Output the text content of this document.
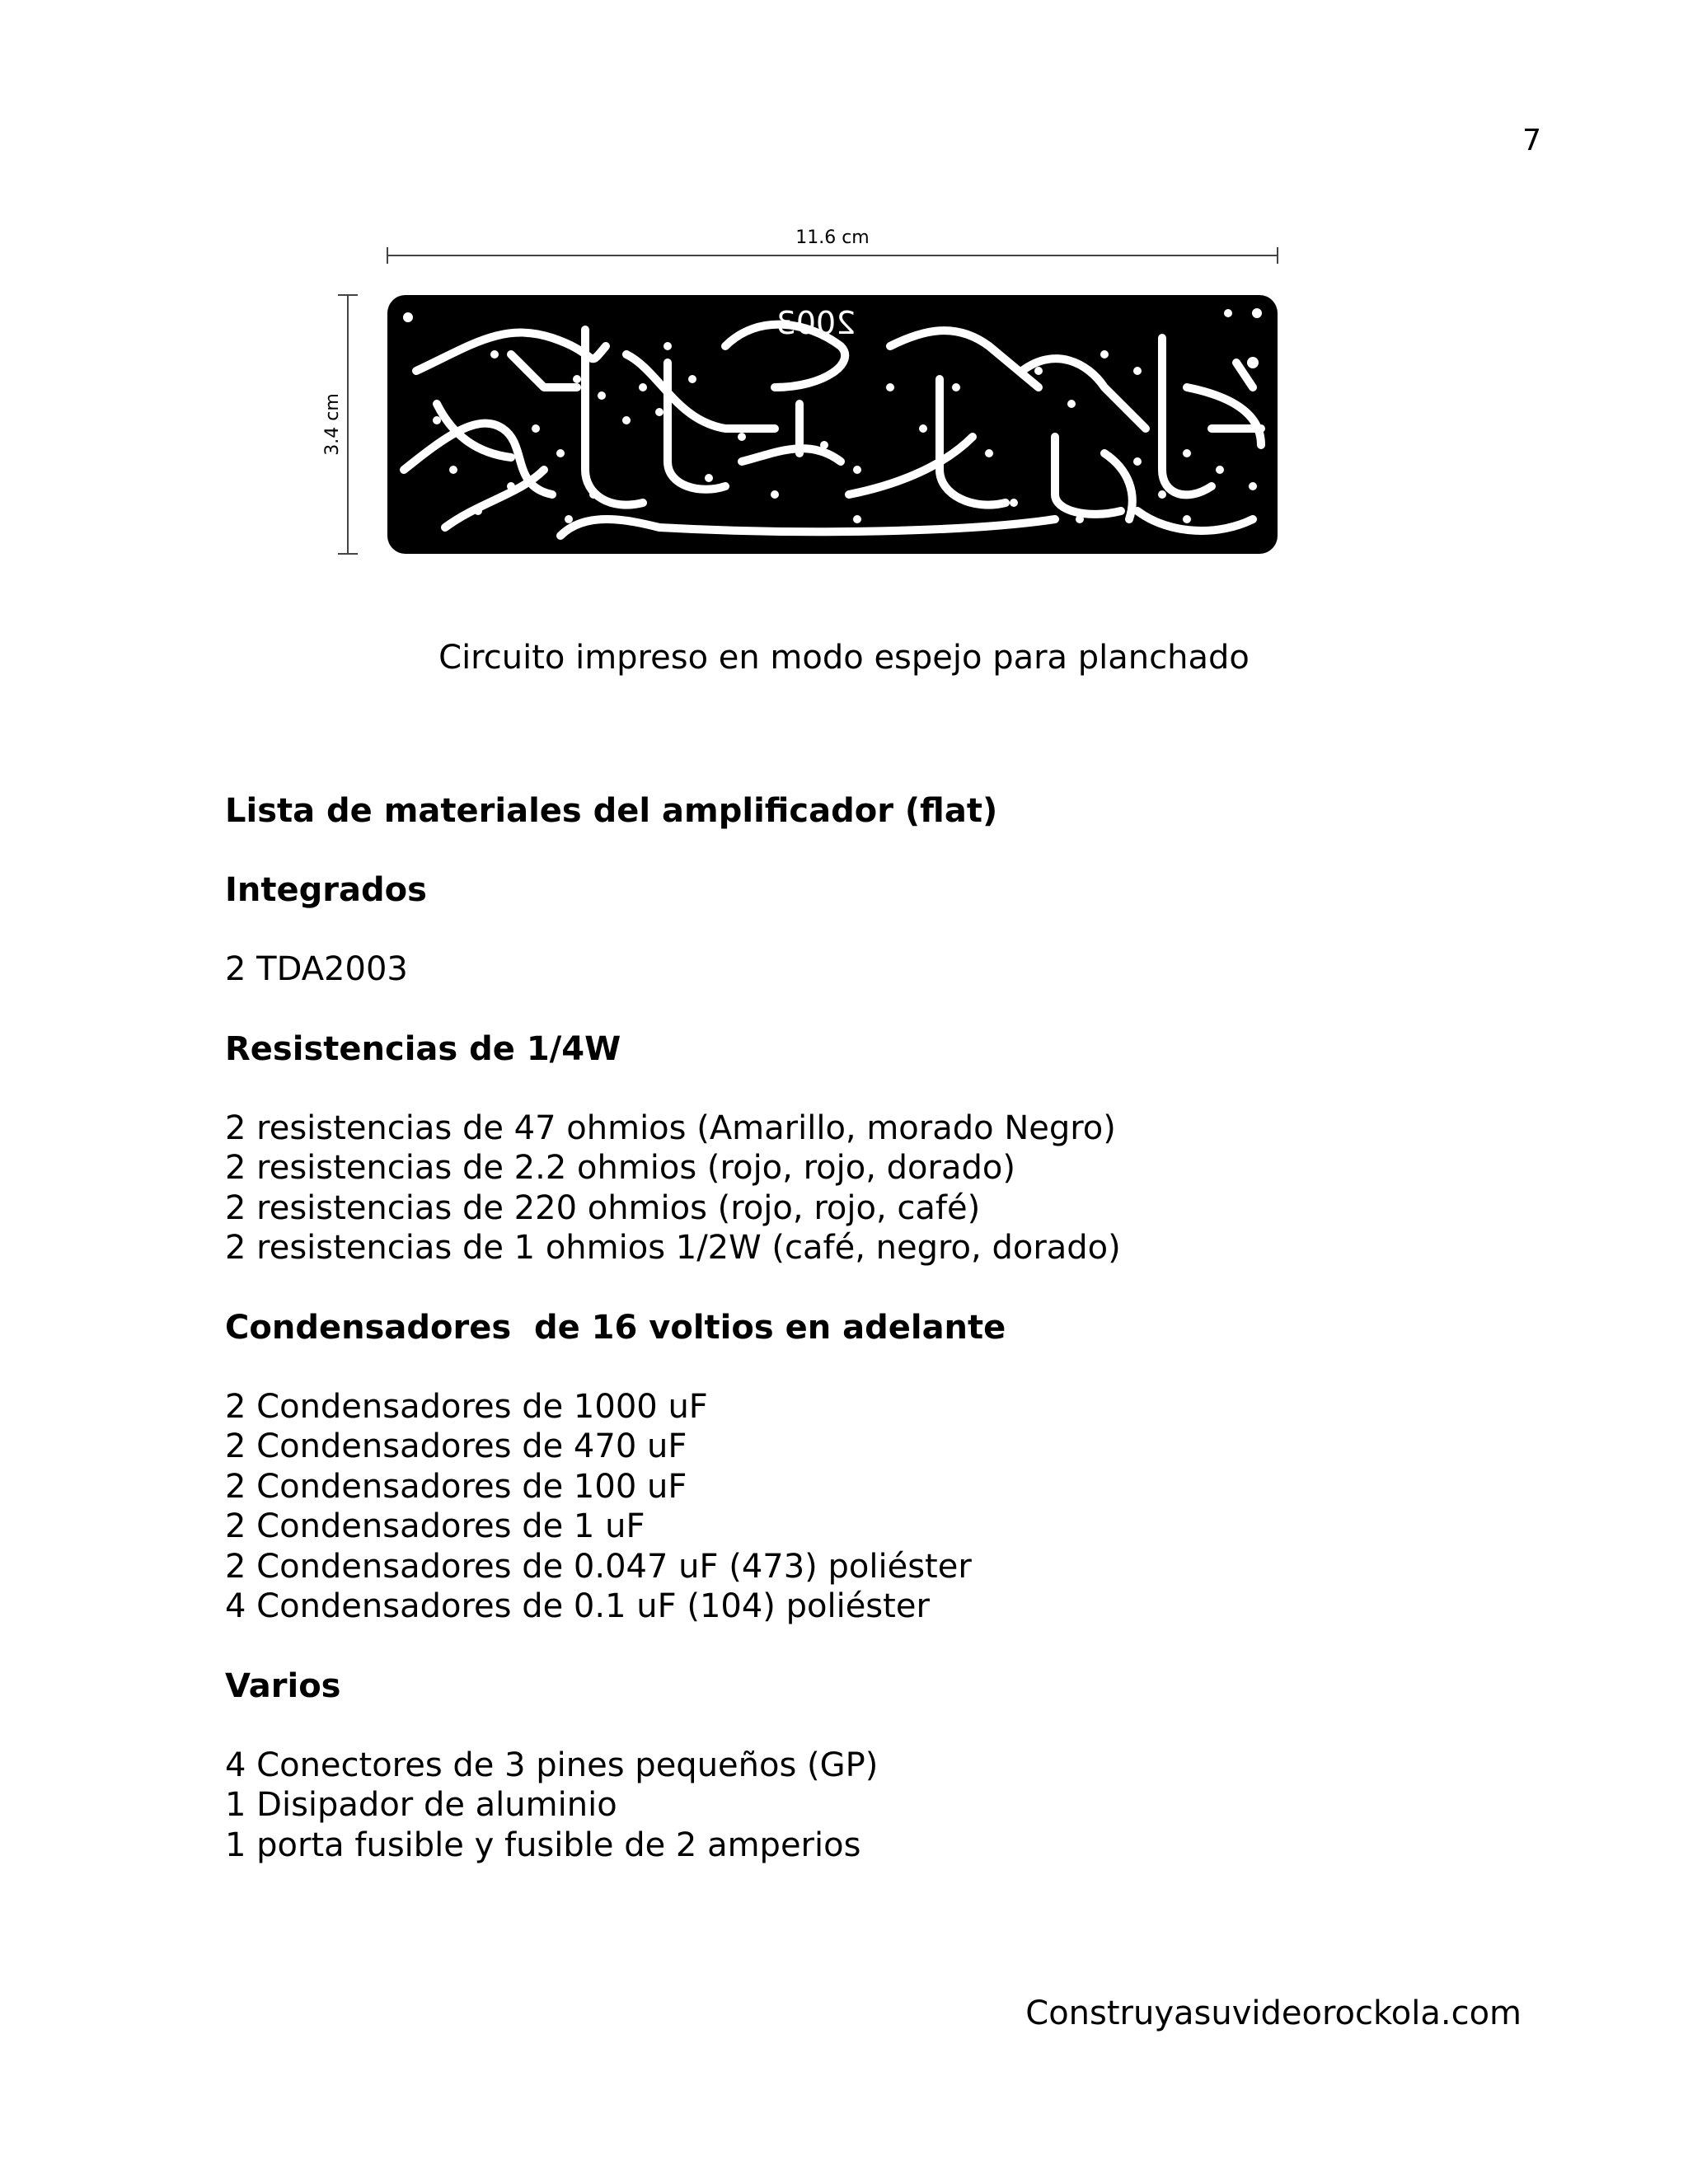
7
11.6 cm
3.4 cm
2003
Circuito impreso en modo espejo para planchado
Lista de materiales del amplificador (flat)
Integrados
2 TDA2003
Resistencias de 1/4W
2 resistencias de 47 ohmios (Amarillo, morado Negro)
2 resistencias de 2.2 ohmios (rojo, rojo, dorado)
2 resistencias de 220 ohmios (rojo, rojo, café)
2 resistencias de 1 ohmios 1/2W (café, negro, dorado)
Condensadores  de 16 voltios en adelante
2 Condensadores de 1000 uF
2 Condensadores de 470 uF
2 Condensadores de 100 uF
2 Condensadores de 1 uF
2 Condensadores de 0.047 uF (473) poliéster
4 Condensadores de 0.1 uF (104) poliéster
Varios
4 Conectores de 3 pines pequeños (GP)
1 Disipador de aluminio
1 porta fusible y fusible de 2 amperios
Construyasuvideorockola.com
